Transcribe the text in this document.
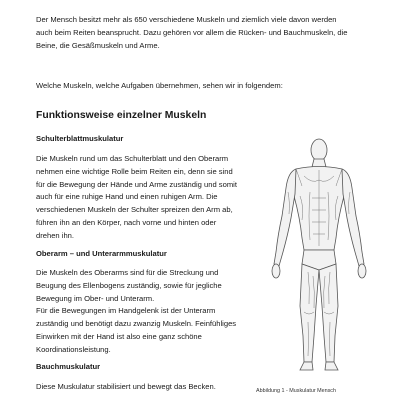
Der Mensch besitzt mehr als 650 verschiedene Muskeln und ziemlich viele davon werden
auch beim Reiten beansprucht. Dazu gehören vor allem die Rücken- und Bauchmuskeln, die
Beine, die Gesäßmuskeln und Arme.

Welche Muskeln, welche Aufgaben übernehmen, sehen wir in folgendem:

Funktionsweise einzelner Muskeln
Schulterblattmuskulatur

Die Muskeln rund um das Schulterblatt und den Oberarm
nehmen eine wichtige Rolle beim Reiten ein, denn sie sind
für die Bewegung der Hände und Arme zuständig und somit
auch für eine ruhige Hand und einen ruhigen Arm. Die
verschiedenen Muskeln der Schulter spreizen den Arm ab,
führen ihn an den Körper, nach vorne und hinten oder
drehen ihn.

Oberarm – und Unterarmmuskulatur

Die Muskeln des Oberarms sind für die Streckung und
Beugung des Ellenbogens zuständig, sowie für jegliche
Bewegung im Ober- und Unterarm.
Für die Bewegungen im Handgelenk ist der Unterarm
zuständig und benötigt dazu zwanzig Muskeln. Feinfühliges
Einwirken mit der Hand ist also eine ganz schöne
Koordinationsleistung.

Bauchmuskulatur

Diese Muskulatur stabilisiert und bewegt das Becken.	Abbildung 1 - Muskulatur Mensch
